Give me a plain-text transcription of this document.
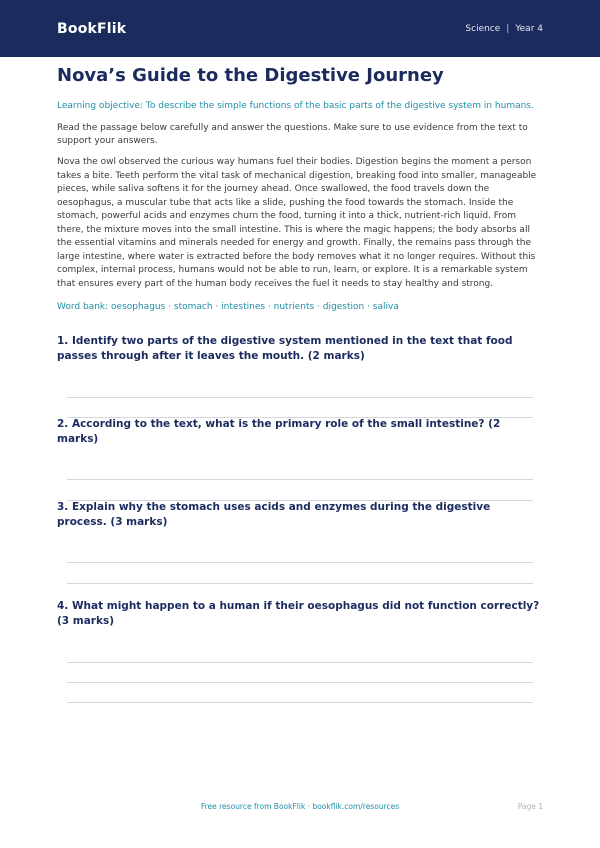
BookFlik	Science | Year 4
Nova’s Guide to the Digestive Journey
Learning objective: To describe the simple functions of the basic parts of the digestive system in humans.
Read the passage below carefully and answer the questions. Make sure to use evidence from the text to support your answers.
Nova the owl observed the curious way humans fuel their bodies. Digestion begins the moment a person takes a bite. Teeth perform the vital task of mechanical digestion, breaking food into smaller, manageable pieces, while saliva softens it for the journey ahead. Once swallowed, the food travels down the oesophagus, a muscular tube that acts like a slide, pushing the food towards the stomach. Inside the stomach, powerful acids and enzymes churn the food, turning it into a thick, nutrient-rich liquid. From there, the mixture moves into the small intestine. This is where the magic happens; the body absorbs all the essential vitamins and minerals needed for energy and growth. Finally, the remains pass through the large intestine, where water is extracted before the body removes what it no longer requires. Without this complex, internal process, humans would not be able to run, learn, or explore. It is a remarkable system that ensures every part of the human body receives the fuel it needs to stay healthy and strong.
Word bank: oesophagus · stomach · intestines · nutrients · digestion · saliva
1. Identify two parts of the digestive system mentioned in the text that food passes through after it leaves the mouth. (2 marks)
2. According to the text, what is the primary role of the small intestine? (2 marks)
3. Explain why the stomach uses acids and enzymes during the digestive process. (3 marks)
4. What might happen to a human if their oesophagus did not function correctly? (3 marks)
Free resource from BookFlik · bookflik.com/resources	Page 1
